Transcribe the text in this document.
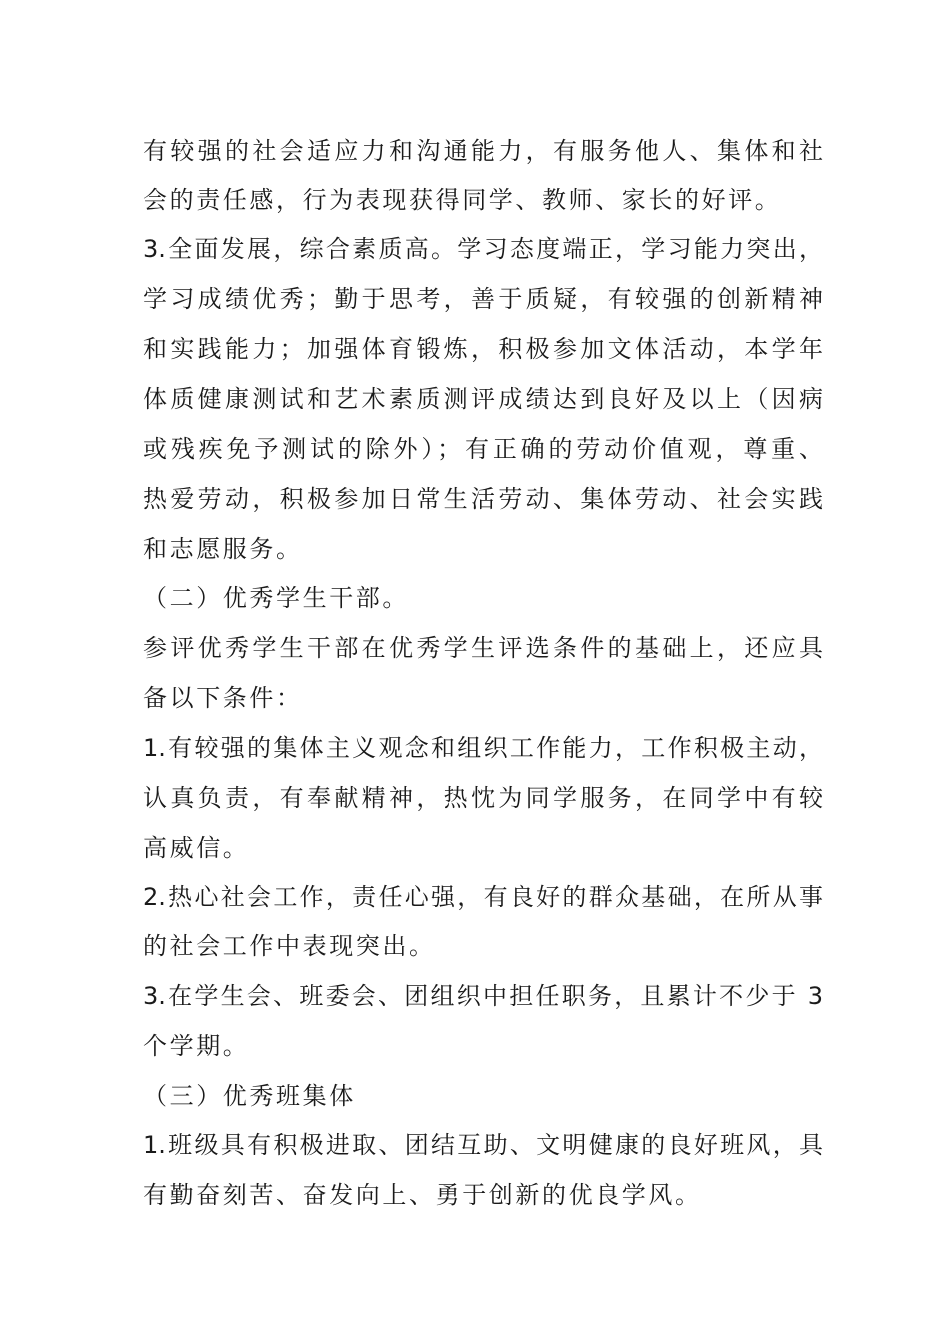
有较强的社会适应力和沟通能力，有服务他人、集体和社
会的责任感，行为表现获得同学、教师、家长的好评。
3.全面发展，综合素质高。学习态度端正，学习能力突出，
学习成绩优秀；勤于思考，善于质疑，有较强的创新精神
和实践能力；加强体育锻炼，积极参加文体活动，本学年
体质健康测试和艺术素质测评成绩达到良好及以上（因病
或残疾免予测试的除外）；有正确的劳动价值观，尊重、
热爱劳动，积极参加日常生活劳动、集体劳动、社会实践
和志愿服务。
（二）优秀学生干部。
参评优秀学生干部在优秀学生评选条件的基础上，还应具
备以下条件：
1.有较强的集体主义观念和组织工作能力，工作积极主动，
认真负责，有奉献精神，热忱为同学服务，在同学中有较
高威信。
2.热心社会工作，责任心强，有良好的群众基础，在所从事
的社会工作中表现突出。
3.在学生会、班委会、团组织中担任职务，且累计不少于 3
个学期。
（三）优秀班集体
1.班级具有积极进取、团结互助、文明健康的良好班风，具
有勤奋刻苦、奋发向上、勇于创新的优良学风。
